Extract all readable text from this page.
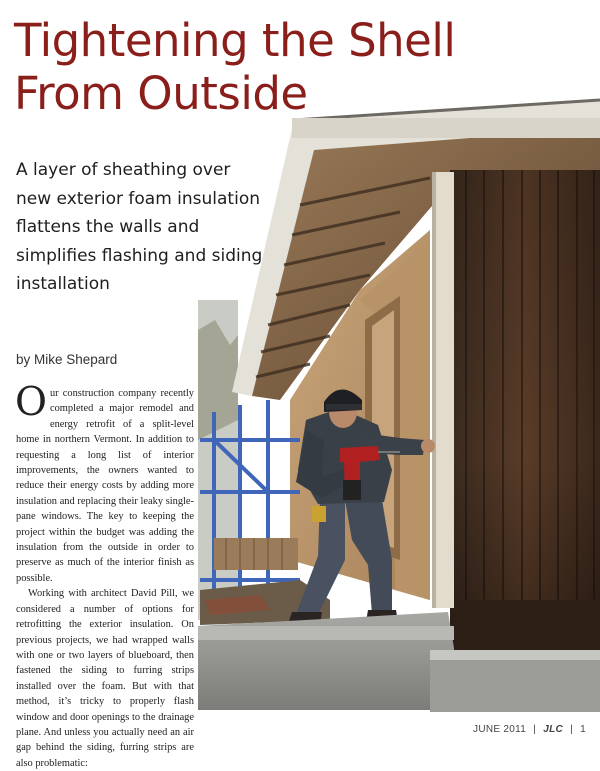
Tightening the Shell
From Outside

A layer of sheathing over new exterior foam insulation flattens the walls and simplifies flashing and siding installation

by Mike Shepard

Our construction company recently completed a major remodel and energy retrofit of a split-level home in northern Vermont. In addition to requesting a long list of interior improvements, the owners wanted to reduce their energy costs by adding more insulation and replacing their leaky single-pane windows. The key to keeping the project within the budget was adding the insulation from the outside in order to preserve as much of the interior finish as possible.

Working with architect David Pill, we considered a number of options for retrofitting the exterior insulation. On previous projects, we had wrapped walls with one or two layers of blueboard, then fastened the siding to furring strips installed over the foam. But with that method, it’s tricky to properly flash window and door openings to the drainage plane. And unless you actually need an air gap behind the siding, furring strips are also problematic:

JUNE 2011 | JLC | 1
